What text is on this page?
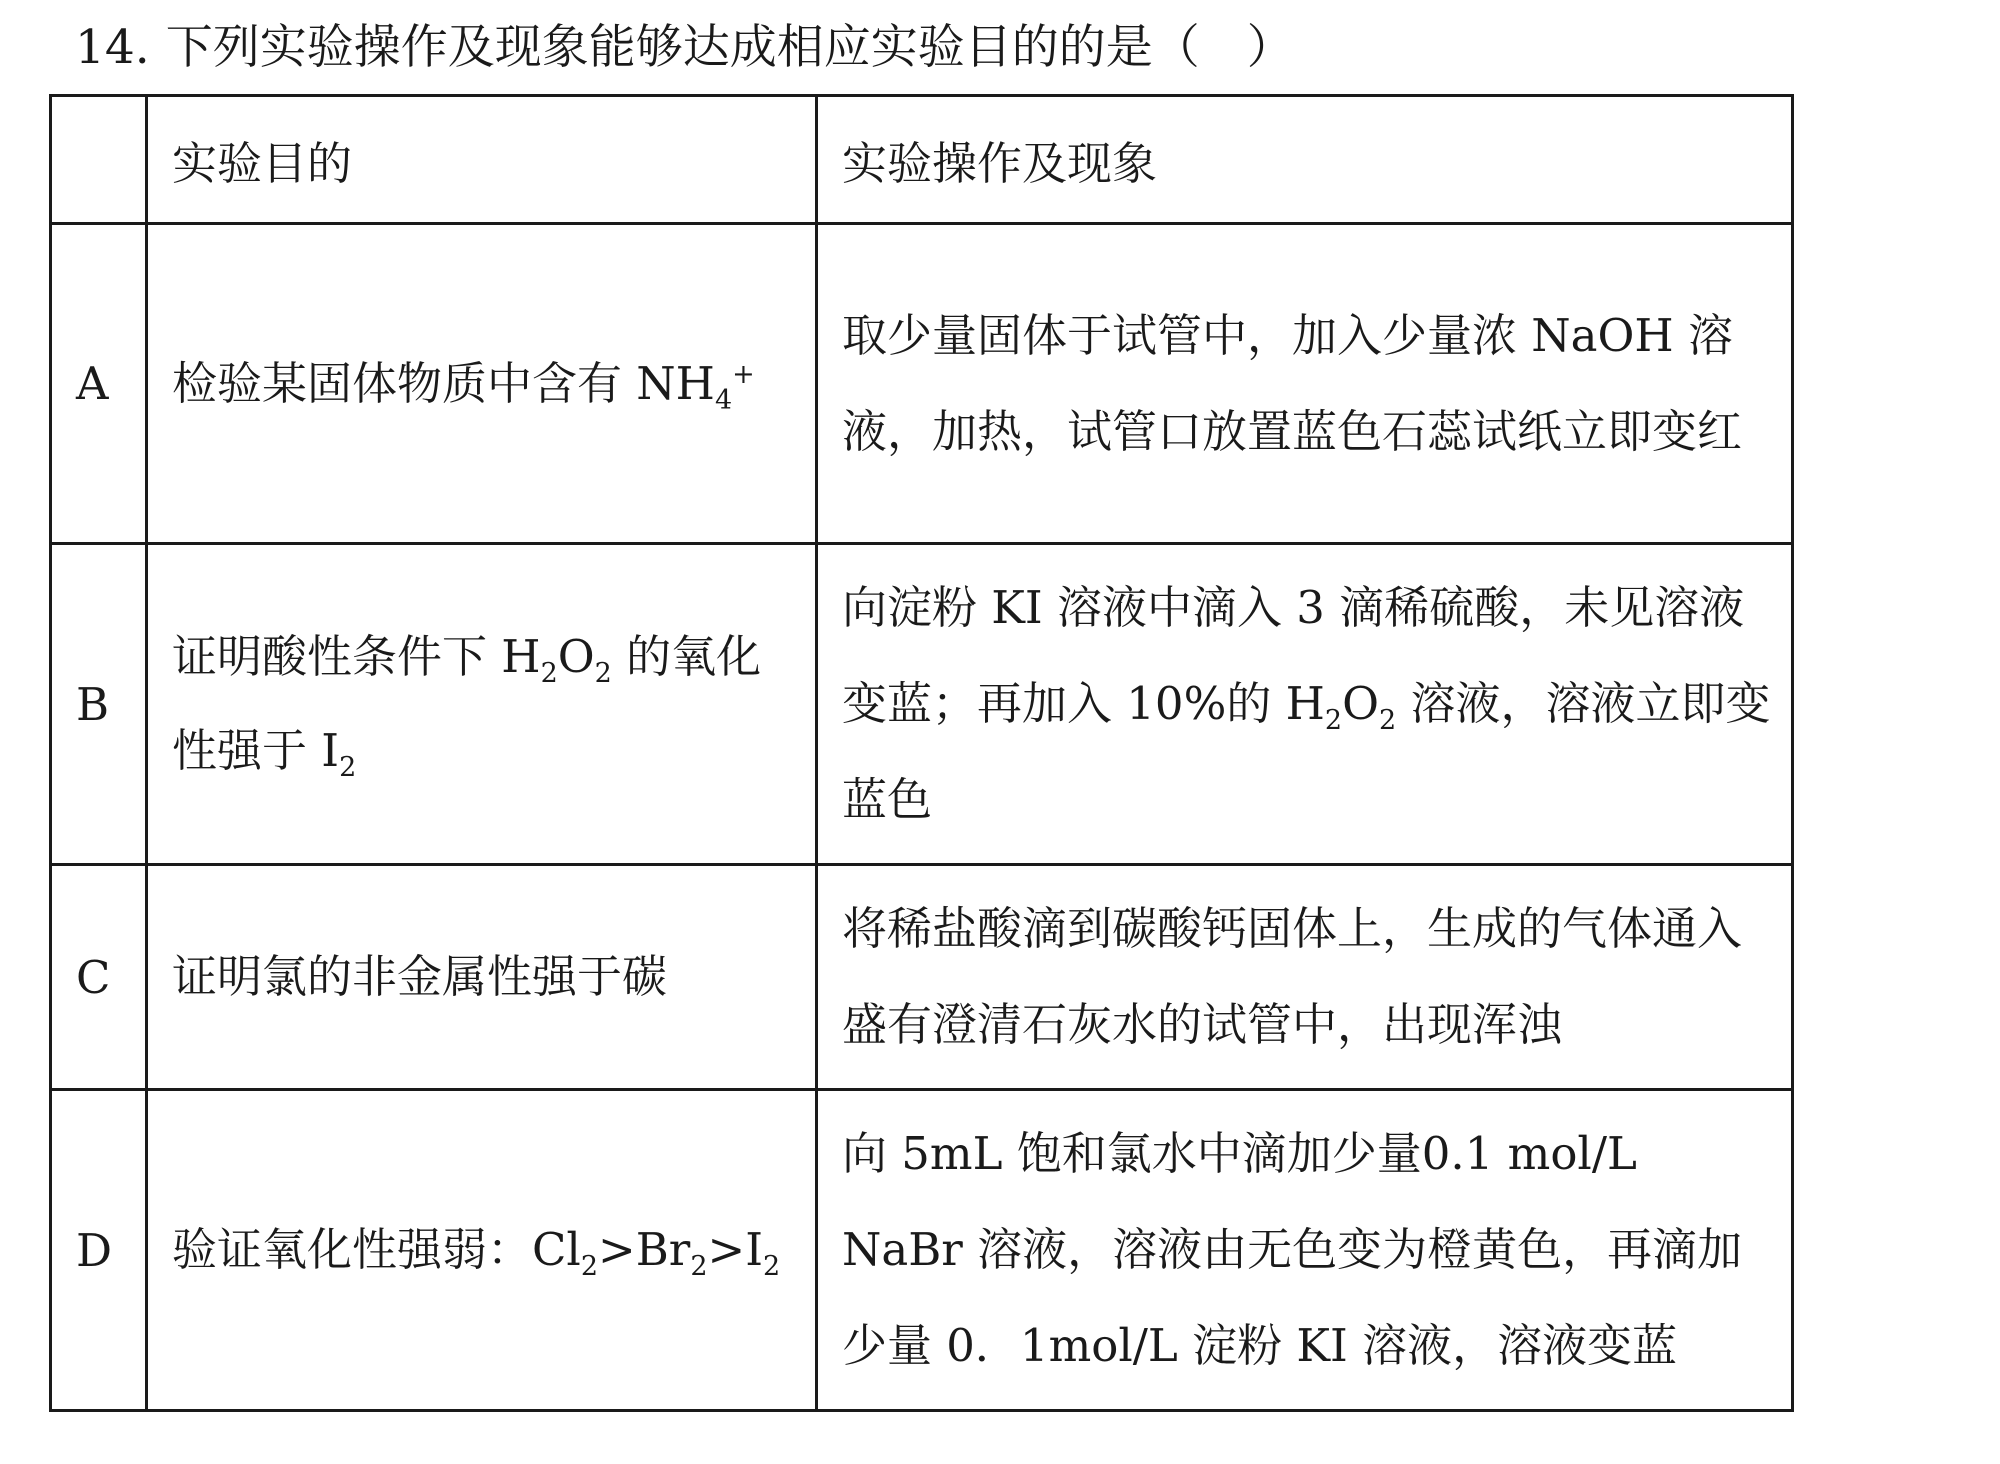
14. 下列实验操作及现象能够达成相应实验目的的是（　）
	实验目的	实验操作及现象
A	检验某固体物质中含有 $NH_4^+$	取少量固体于试管中，加入少量浓 NaOH 溶液，加热，试管口放置蓝色石蕊试纸立即变红
B	证明酸性条件下 $H_2O_2$ 的氧化性强于 $I_2$	向淀粉 KI 溶液中滴入 3 滴稀硫酸，未见溶液变蓝；再加入 10%的 $H_2O_2$ 溶液，溶液立即变蓝色
C	证明氯的非金属性强于碳	将稀盐酸滴到碳酸钙固体上，生成的气体通入盛有澄清石灰水的试管中，出现浑浊
D	验证氧化性强弱：$Cl_2>Br_2>I_2$	向 5mL 饱和氯水中滴加少量0.1 mol/L NaBr 溶液，溶液由无色变为橙黄色，再滴加少量 0．1mol/L 淀粉 KI 溶液，溶液变蓝
